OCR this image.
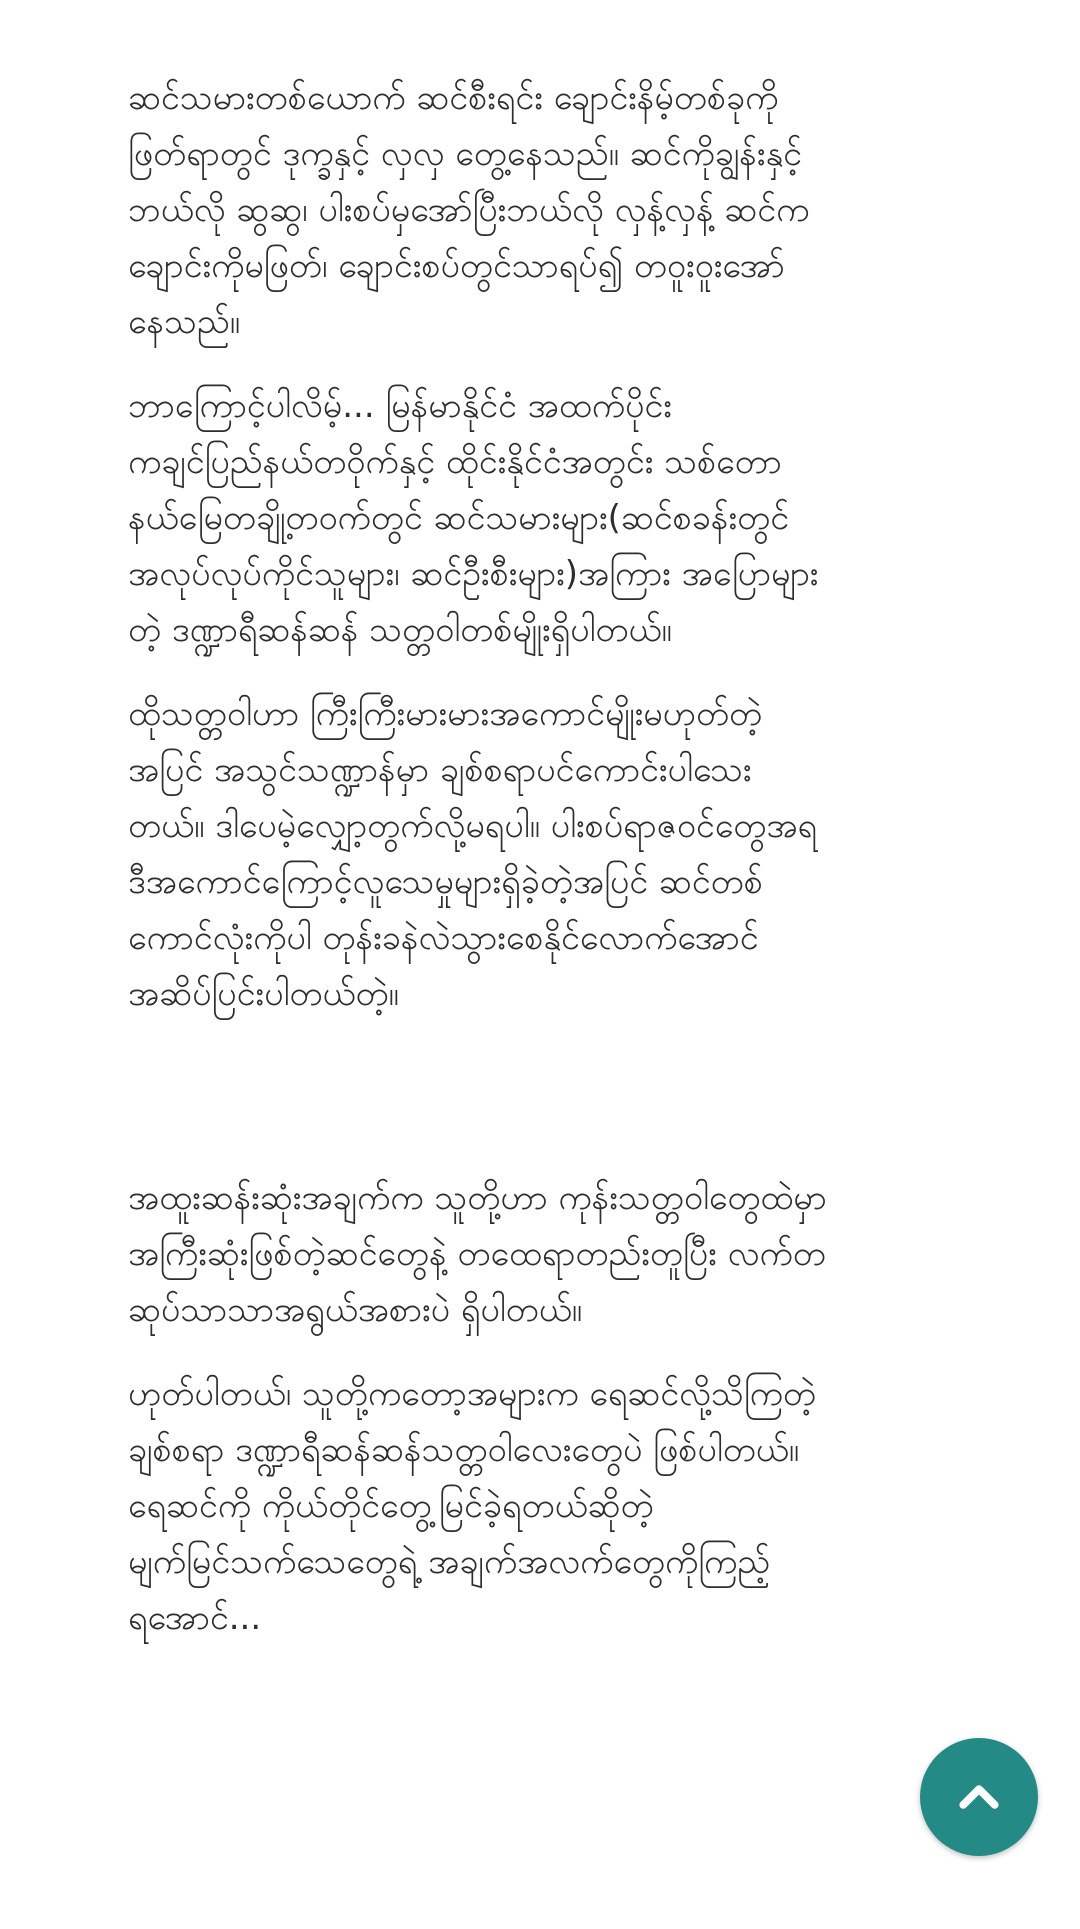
ဆင်သမားတစ်ယောက် ဆင်စီးရင်း ချောင်းနိမ့်တစ်ခုကို
ဖြတ်ရာတွင် ဒုက္ခနှင့် လှလှ တွေ့နေသည်။ ဆင်ကိုချွန်းနှင့်
ဘယ်လို ဆွဆွ၊ ပါးစပ်မှအော်ပြီးဘယ်လို လှန့်လှန့် ဆင်က
ချောင်းကိုမဖြတ်၊ ချောင်းစပ်တွင်သာရပ်၍ တဝူးဝူးအော်
နေသည်။
ဘာကြောင့်ပါလိမ့်... မြန်မာနိုင်ငံ အထက်ပိုင်း
ကချင်ပြည်နယ်တဝိုက်နှင့် ထိုင်းနိုင်ငံအတွင်း သစ်တော
နယ်မြေတချို့တဝက်တွင် ဆင်သမားများ(ဆင်စခန်းတွင်
အလုပ်လုပ်ကိုင်သူများ၊ ဆင်ဦးစီးများ)အကြား အပြောများ
တဲ့ ဒဏ္ဍာရီဆန်ဆန် သတ္တဝါတစ်မျိုးရှိပါတယ်။
ထိုသတ္တဝါဟာ ကြီးကြီးမားမားအကောင်မျိုးမဟုတ်တဲ့
အပြင် အသွင်သဏ္ဍာန်မှာ ချစ်စရာပင်ကောင်းပါသေး
တယ်။ ဒါပေမဲ့လျှော့တွက်လို့မရပါ။ ပါးစပ်ရာဇဝင်တွေအရ
ဒီအကောင်ကြောင့်လူသေမှုများရှိခဲ့တဲ့အပြင် ဆင်တစ်
ကောင်လုံးကိုပါ တုန်းခနဲလဲသွားစေနိုင်လောက်အောင်
အဆိပ်ပြင်းပါတယ်တဲ့။
အထူးဆန်းဆုံးအချက်က သူတို့ဟာ ကုန်းသတ္တဝါတွေထဲမှာ
အကြီးဆုံးဖြစ်တဲ့ဆင်တွေနဲ့ တထေရာတည်းတူပြီး လက်တ
ဆုပ်သာသာအရွယ်အစားပဲ ရှိပါတယ်။
ဟုတ်ပါတယ်၊ သူတို့ကတော့အများက ရေဆင်လို့သိကြတဲ့
ချစ်စရာ ဒဏ္ဍာရီဆန်ဆန်သတ္တဝါလေးတွေပဲ ဖြစ်ပါတယ်။
ရေဆင်ကို ကိုယ်တိုင်တွေ့မြင်ခဲ့ရတယ်ဆိုတဲ့
မျက်မြင်သက်သေတွေရဲ့ အချက်အလက်တွေကိုကြည့်
ရအောင်...
